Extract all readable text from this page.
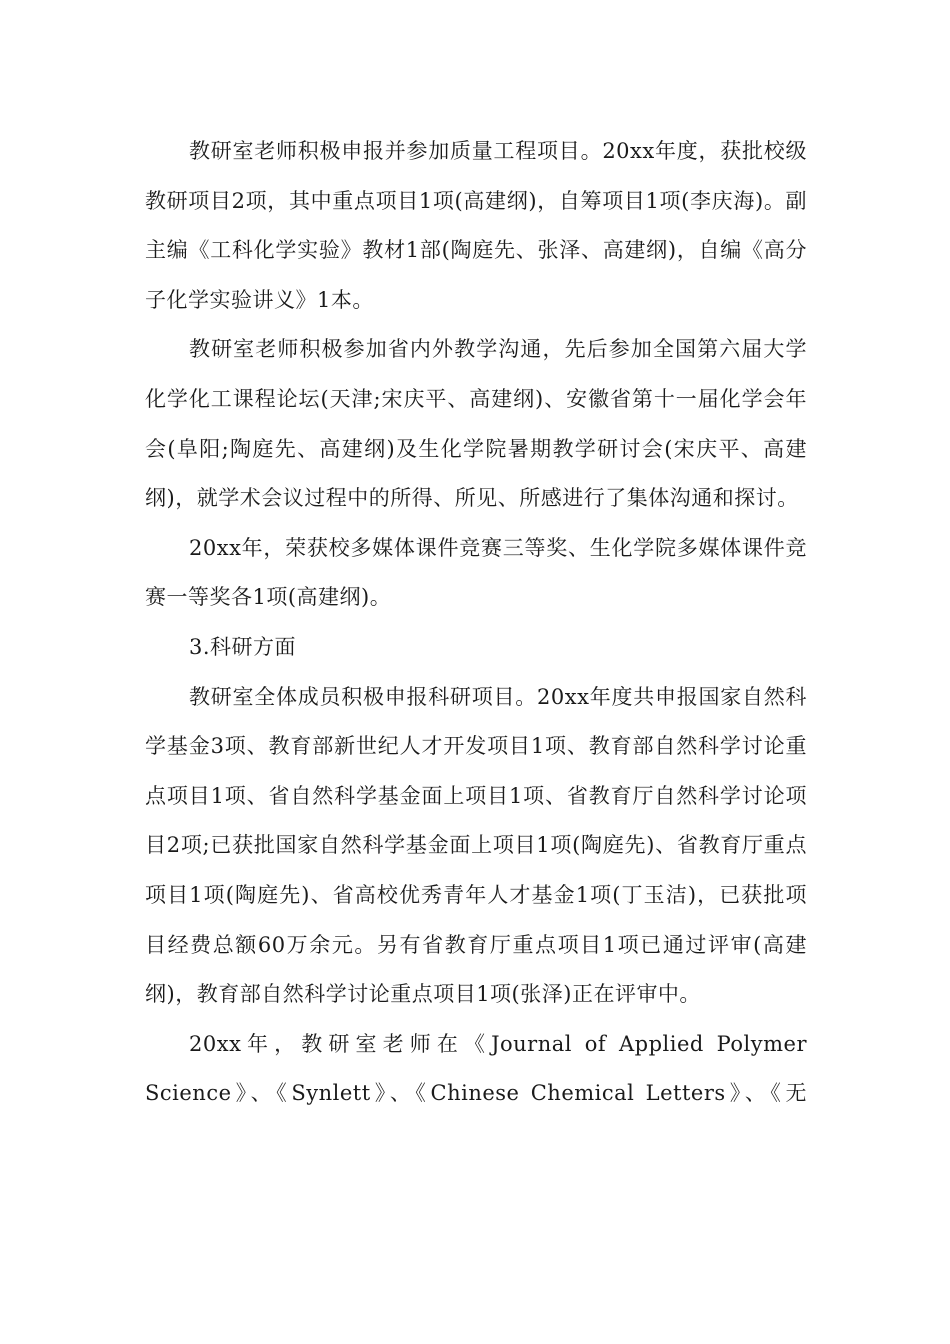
教研室老师积极申报并参加质量工程项目。20xx年度，获批校级教研项目2项，其中重点项目1项(高建纲)，自筹项目1项(李庆海)。副主编《工科化学实验》教材1部(陶庭先、张泽、高建纲)，自编《高分子化学实验讲义》1本。

教研室老师积极参加省内外教学沟通，先后参加全国第六届大学化学化工课程论坛(天津;宋庆平、高建纲)、安徽省第十一届化学会年会(阜阳;陶庭先、高建纲)及生化学院暑期教学研讨会(宋庆平、高建纲)，就学术会议过程中的所得、所见、所感进行了集体沟通和探讨。

20xx年，荣获校多媒体课件竞赛三等奖、生化学院多媒体课件竞赛一等奖各1项(高建纲)。

3.科研方面

教研室全体成员积极申报科研项目。20xx年度共申报国家自然科学基金3项、教育部新世纪人才开发项目1项、教育部自然科学讨论重点项目1项、省自然科学基金面上项目1项、省教育厅自然科学讨论项目2项;已获批国家自然科学基金面上项目1项(陶庭先)、省教育厅重点项目1项(陶庭先)、省高校优秀青年人才基金1项(丁玉洁)，已获批项目经费总额60万余元。另有省教育厅重点项目1项已通过评审(高建纲)，教育部自然科学讨论重点项目1项(张泽)正在评审中。

20xx年，教研室老师在《Journal of Applied Polymer Science》、《Synlett》、《Chinese Chemical Letters》、《无
